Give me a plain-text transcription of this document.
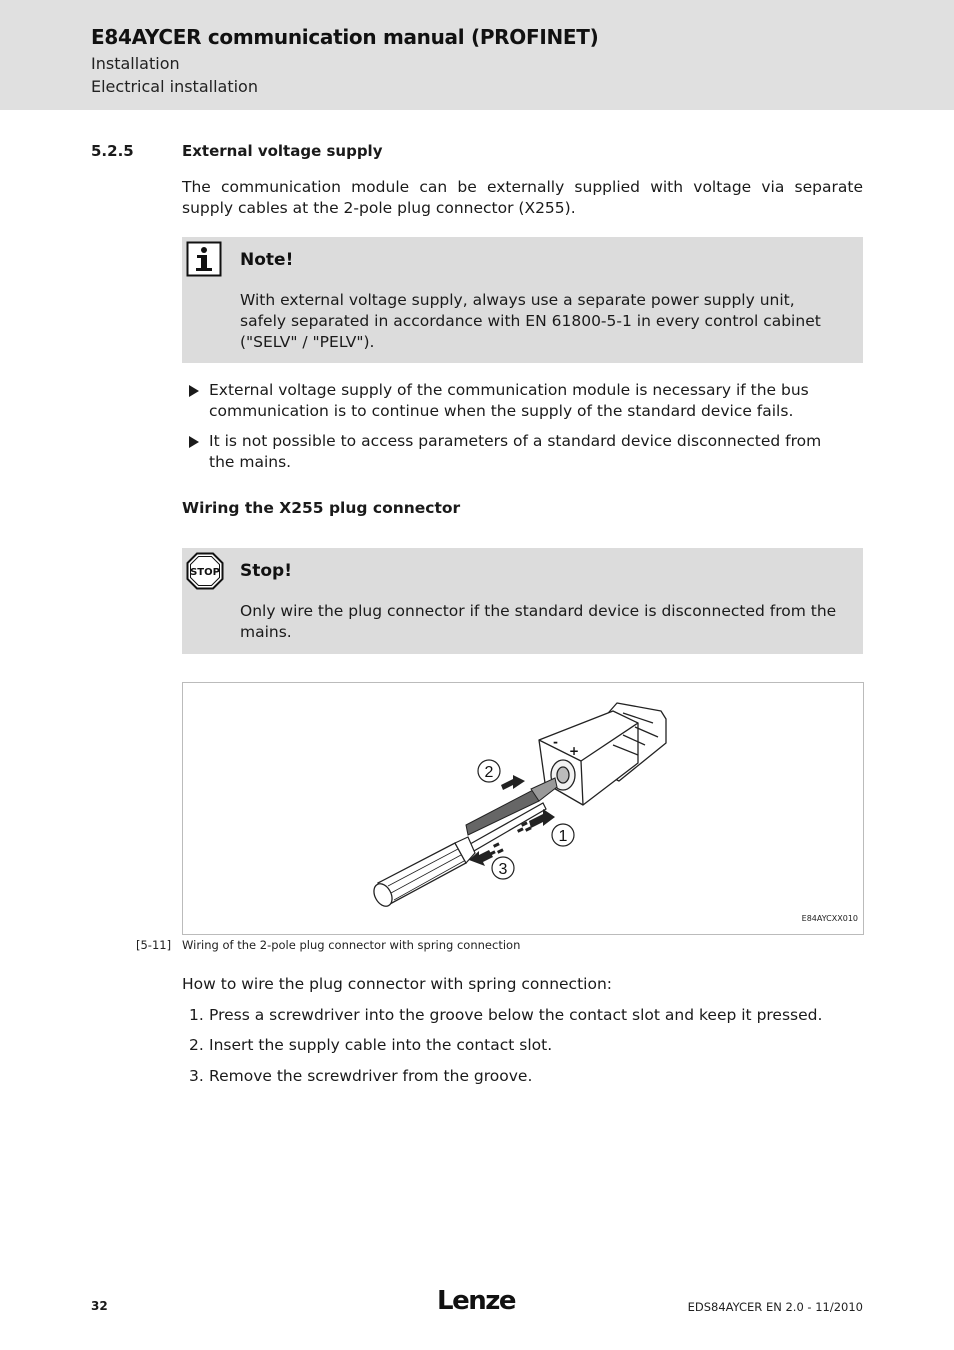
E84AYCER communication manual (PROFINET)
Installation
Electrical installation
5.2.5	External voltage supply
The communication module can be externally supplied with voltage via separate supply cables at the 2-pole plug connector (X255).
Note!
With external voltage supply, always use a separate power supply unit, safely separated in accordance with EN 61800-5-1 in every control cabinet ("SELV" / "PELV").
External voltage supply of the communication module is necessary if the bus communication is to continue when the supply of the standard device fails.
It is not possible to access parameters of a standard device disconnected from the mains.
Wiring the X255 plug connector
STOP Stop!
Only wire the plug connector if the standard device is disconnected from the mains.
-
+
2
1
3
E84AYCXX010
[5-11] Wiring of the 2-pole plug connector with spring connection
How to wire the plug connector with spring connection:
1. Press a screwdriver into the groove below the contact slot and keep it pressed.
2. Insert the supply cable into the contact slot.
3. Remove the screwdriver from the groove.
32	Lenze	EDS84AYCER EN 2.0 - 11/2010
